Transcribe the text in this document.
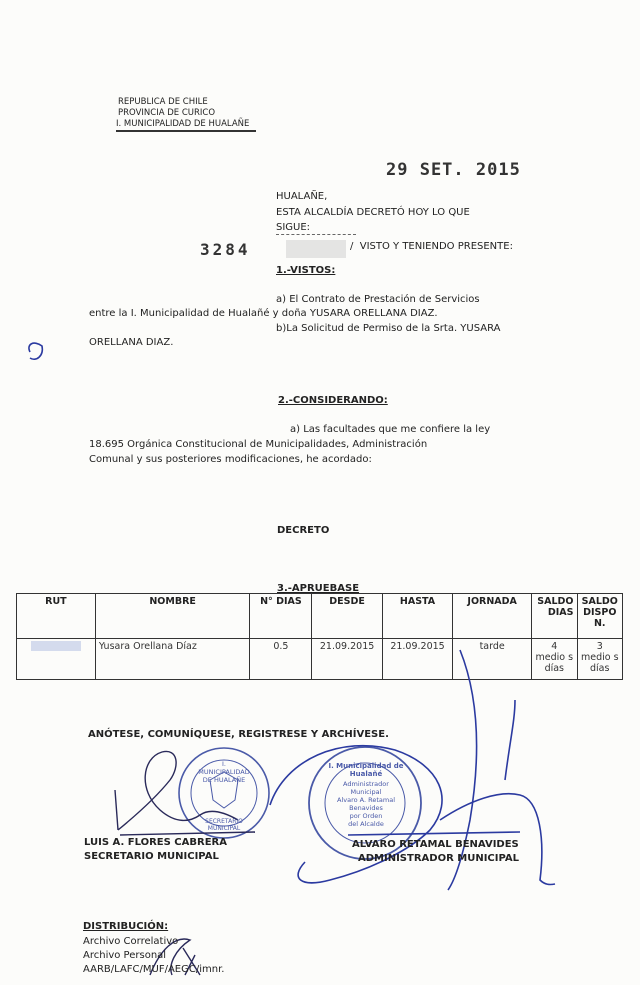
REPUBLICA DE CHILE
PROVINCIA DE CURICO
I. MUNICIPALIDAD DE HUALAÑE
29 SET. 2015
HUALAÑE,
ESTA ALCALDÍA DECRETÓ HOY LO QUE
SIGUE:
3284	/  VISTO Y TENIENDO PRESENTE:
1.-VISTOS:
a) El Contrato de Prestación de Servicios
entre la I. Municipalidad de Hualañé y doña YUSARA ORELLANA DIAZ.
b)La Solicitud de Permiso de la Srta. YUSARA
ORELLANA DIAZ.
2.-CONSIDERANDO:
a) Las facultades que me confiere la ley
18.695 Orgánica Constitucional de Municipalidades, Administración
Comunal y sus posteriores modificaciones, he acordado:
DECRETO
3.-APRUEBASE
RUT	NOMBRE	N° DIAS	DESDE	HASTA	JORNADA	SALDO DIAS	SALDO DISPO N.
	Yusara Orellana Díaz	0.5	21.09.2015	21.09.2015	tarde	4 medio s días	3 medio s días
ANÓTESE, COMUNÍQUESE, REGISTRESE Y ARCHÍVESE.
I. MUNICIPALIDAD DE HUALAÑE
SECRETARIO MUNICIPAL
I. Municipalidad de Hualañé
Administrador
Municipal
Alvaro A. Retamal
Benavides
por Orden
del Alcalde
LUIS A. FLORES CABRERA
SECRETARIO MUNICIPAL
ALVARO RETAMAL BENAVIDES
ADMINISTRADOR MUNICIPAL
DISTRIBUCIÓN:
Archivo Correlativo
Archivo Personal
AARB/LAFC/MUF/AEGC/imnr.
